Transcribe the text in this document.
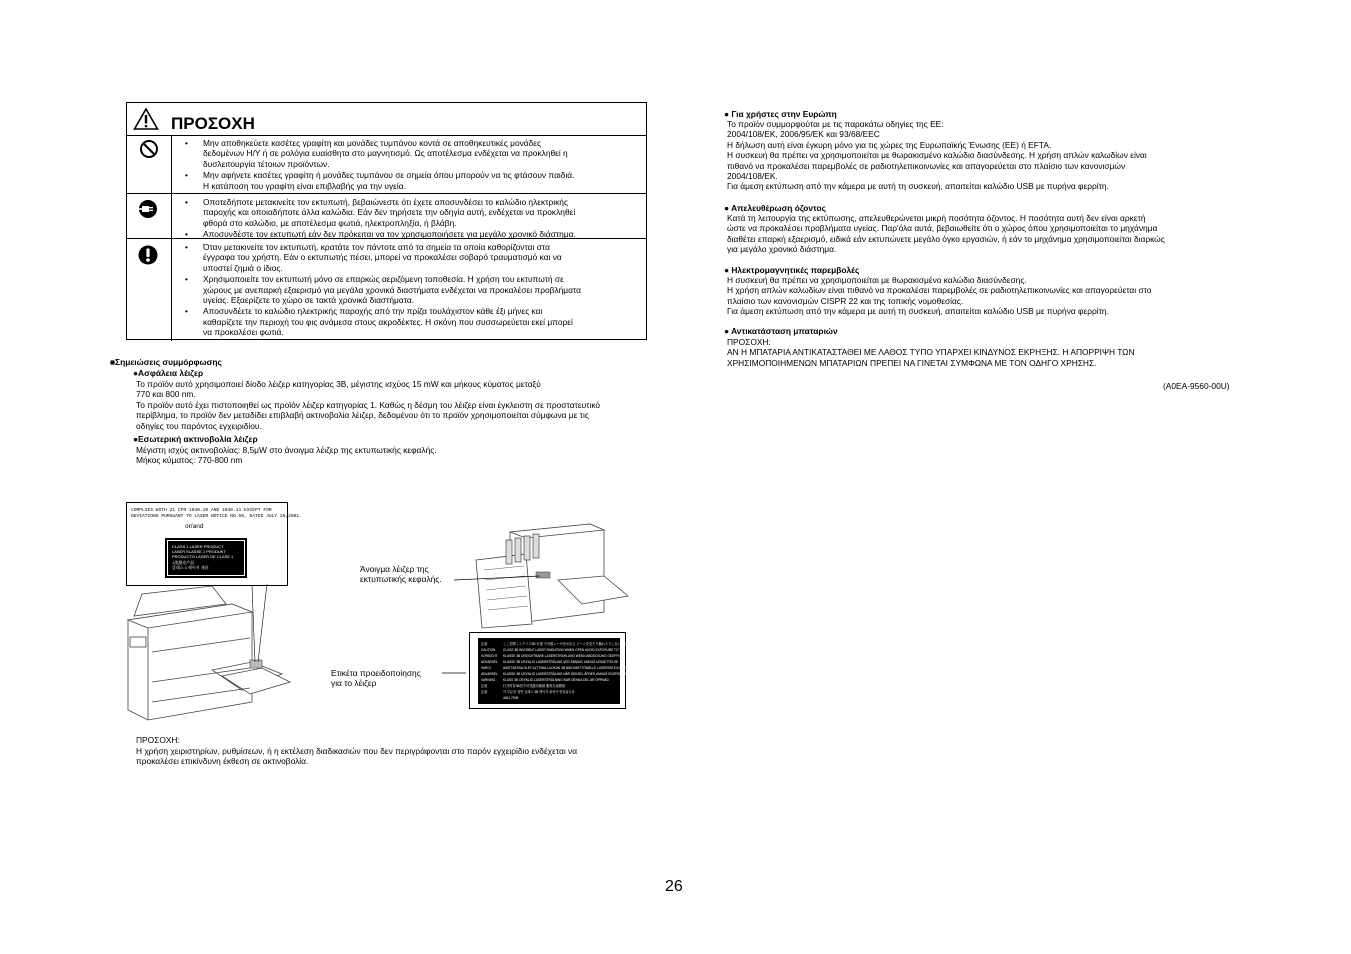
ΠΡΟΣΟΧΗ
• Μην αποθηκεύετε κασέτες γραφίτη και μονάδες τυμπάνου κοντά σε αποθηκευτικές μονάδες
δεδομένων Η/Υ ή σε ρολόγια ευαίσθητα στο μαγνητισμό. Ως αποτέλεσμα ενδέχεται να προκληθεί η
δυσλειτουργία τέτοιων προϊόντων.
• Μην αφήνετε κασέτες γραφίτη ή μονάδες τυμπάνου σε σημεία όπου μπορούν να τις φτάσουν παιδιά.
Η κατάποση του γραφίτη είναι επιβλαβής για την υγεία.
• Οποτεδήποτε μετακινείτε τον εκτυπωτή, βεβαιώνεστε ότι έχετε αποσυνδέσει το καλώδιο ηλεκτρικής
παροχής και οποιαδήποτε άλλα καλώδια. Εάν δεν τηρήσετε την οδηγία αυτή, ενδέχεται να προκληθεί
φθορά στο καλώδιο, με αποτέλεσμα φωτιά, ηλεκτροπληξία, ή βλάβη.
• Αποσυνδέστε τον εκτυπωτή εάν δεν πρόκειται να τον χρησιμοποιήσετε για μεγάλο χρονικό διάστημα.
• Όταν μετακινείτε τον εκτυπωτή, κρατάτε τον πάντοτε από τα σημεία τα οποία καθορίζονται στα
έγγραφα του χρήστη. Εάν ο εκτυπωτής πέσει, μπορεί να προκαλέσει σοβαρό τραυματισμό και να
υποστεί ζημιά ο ίδιος.
• Χρησιμοποιείτε τον εκτυπωτή μόνο σε επαρκώς αεριζόμενη τοποθεσία. Η χρήση του εκτυπωτή σε
χώρους με ανεπαρκή εξαερισμό για μεγάλα χρονικά διαστήματα ενδέχεται να προκαλέσει προβλήματα
υγείας. Εξαερίζετε το χώρο σε τακτά χρονικά διαστήματα.
• Αποσυνδέετε το καλώδιο ηλεκτρικής παροχής από την πρίζα τουλάχιστον κάθε έξι μήνες και
καθαρίζετε την περιοχή του φις ανάμεσα στους ακροδέκτες. Η σκόνη που συσσωρεύεται εκεί μπορεί
να προκαλέσει φωτιά.
■Σημειώσεις συμμόρφωσης
●Ασφάλεια λέιζερ
Το προϊόν αυτό χρησιμοποιεί δίοδο λέιζερ κατηγορίας 3B, μέγιστης ισχύος 15 mW και μήκους κύματος μεταξύ
770 και 800 nm.
Το προϊόν αυτό έχει πιστοποιηθεί ως προϊόν λέιζερ κατηγορίας 1. Καθώς η δέσμη του λέιζερ είναι έγκλειστη σε προστατευτικό
περίβλημα, το προϊόν δεν μεταδίδει επιβλαβή ακτινοβολία λέιζερ, δεδομένου ότι το προϊόν χρησιμοποιείται σύμφωνα με τις
οδηγίες του παρόντος εγχειριδίου.
●Εσωτερική ακτινοβολία λέιζερ
Μέγιστη ισχύς ακτινοβολίας: 8,5μW στο άνοιγμα λέιζερ της εκτυπωτικής κεφαλής.
Μήκος κύματος: 770-800 nm
COMPLIES WITH 21 CFR 1040.10 AND 1040.11 EXCEPT FOR
DEVIATIONS PURSUANT TO LASER NOTICE NO.50, DATED JULY 26,2001.
or/and
CLASS 1 LASER PRODUCT
LASER KLASSE 1 PRODUKT
PRODUCTO LASER DE CLASE 1
1类激光产品
클래스 1 레이저 제품	Άνοιγμα λέιζερ της
εκτυπωτικής κεφαλής.
Ετικέτα προειδοποίησης
για το λέιζερ
注意	ここを開くとクラス3B 可視 不可視レーザ光が出る ビームを見たり触れたりしないこと
CAUTION CLASS 3B INVISIBLE LASER RADIATION WHEN OPEN AVOID EXPOSURE TO THE BEAM
VORSICHT KLASSE 3B UNSICHTBARE LASERSTRAHLUNG WENN ABDECKUNG GEÖFFNET
ADVARSEL KLASSE 3B USYNLIG LASERSTRÅLING VED ÅBNING UNDGÅ UDSÆTTELSE
VARO!	AVATTAESSA OLET ALTTIINA LUOKAN 3B NÄKYMÄTTÖMÄLLE LASERSÄTEILYLLE
ADVARSEL KLASSE 3B USYNLIG LASERSTRÅLING NÅR DEKSEL ÅPNES UNNGÅ EKSPONERING
VARNING KLASS 3B OSYNLIG LASERSTRÅLNING NÄR DENNA DEL ÄR ÖPPNAD
注意	打开时有3B类不可见激光辐射 避免光束照射
注意	이 부분을 열면 클래스 3B 레이저 광선이 방출됩니다
4061-7905
ΠΡΟΣΟΧΗ:
Η χρήση χειριστηρίων, ρυθμίσεων, ή η εκτέλεση διαδικασιών που δεν περιγράφονται στο παρόν εγχειρίδιο ενδέχεται να
προκαλέσει επικίνδυνη έκθεση σε ακτινοβολία.
● Για χρήστες στην Ευρώπη
Το προϊόν συμμορφούται με τις παρακάτω οδηγίες της ΕΕ:
2004/108/ΕΚ, 2006/95/ΕΚ και 93/68/EEC
Η δήλωση αυτή είναι έγκυρη μόνο για τις χώρες της Ευρωπαϊκής Ένωσης (ΕΕ) ή EFTA.
Η συσκευή θα πρέπει να χρησιμοποιείται με θωρακισμένο καλώδιο διασύνδεσης. Η χρήση απλών καλωδίων είναι
πιθανό να προκαλέσει παρεμβολές σε ραδιοτηλεπικοινωνίες και απαγορεύεται στο πλαίσιο των κανονισμών
2004/108/ΕΚ.
Για άμεση εκτύπωση από την κάμερα με αυτή τη συσκευή, απαιτείται καλώδιο USB με πυρήνα φερρίτη.
● Απελευθέρωση όζοντος
Κατά τη λειτουργία της εκτύπωσης, απελευθερώνεται μικρή ποσότητα όζοντος. Η ποσότητα αυτή δεν είναι αρκετή
ώστε να προκαλέσει προβλήματα υγείας. Παρ'όλα αυτά, βεβαιωθείτε ότι ο χώρος όπου χρησιμοποιείται το μηχάνημα
διαθέτει επαρκή εξαερισμό, ειδικά εάν εκτυπώνετε μεγάλο όγκο εργασιών, ή εάν το μηχάνημα χρησιμοποιείται διαρκώς
για μεγάλο χρονικό διάστημα.
● Ηλεκτρομαγνητικές παρεμβολές
Η συσκευή θα πρέπει να χρησιμοποιείται με θωρακισμένο καλώδιο διασύνδεσης.
Η χρήση απλών καλωδίων είναι πιθανό να προκαλέσει παρεμβολές σε ραδιοτηλεπικοινωνίες και απαγορεύεται στο
πλαίσιο των κανονισμών CISPR 22 και της τοπικής νομοθεσίας.
Για άμεση εκτύπωση από την κάμερα με αυτή τη συσκευή, απαιτείται καλώδιο USB με πυρήνα φερρίτη.
● Αντικατάσταση μπαταριών
ΠΡΟΣΟΧΗ:
ΑΝ Η ΜΠΑΤΑΡΙΑ ΑΝΤΙΚΑΤΑΣΤΑΘΕΙ ΜΕ ΛΑΘΟΣ ΤΥΠΟ ΥΠΑΡΧΕΙ ΚΙΝΔΥΝΟΣ ΕΚΡΗΞΗΣ. Η ΑΠΟΡΡΙΨΗ ΤΩΝ
ΧΡΗΣΙΜΟΠΟΙΗΜΕΝΩΝ ΜΠΑΤΑΡΙΩΝ ΠΡΕΠΕΙ ΝΑ ΓΙΝΕΤΑΙ ΣΥΜΦΩΝΑ ΜΕ ΤΟΝ ΟΔΗΓΟ ΧΡΗΣΗΣ.
(A0EA-9560-00U)
26
